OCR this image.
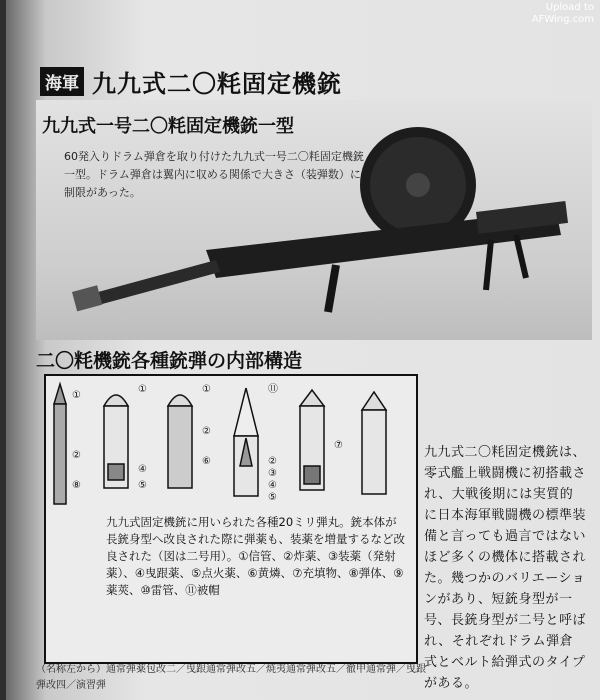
海軍 九九式二〇粍固定機銃
九九式一号二〇粍固定機銃一型
60発入りドラム弾倉を取り付けた九九式一号二〇粍固定機銃一型。ドラム弾倉は翼内に収める関係で大きさ（装弾数）に制限があった。
二〇粍機銃各種銃弾の内部構造
①
②
⑧
①
④
⑤
①
②
⑥
⑪
②
③
④
⑤
⑦
九九式固定機銃に用いられた各種20ミリ弾丸。銃本体が長銃身型へ改良された際に弾薬も、装薬を増量するなど改良された（図は二号用）。①信管、②炸薬、③装薬（発射薬）、④曳跟薬、⑤点火薬、⑥黄燐、⑦充填物、⑧弾体、⑨薬莢、⑩雷管、⑪被帽
（名称左から）通常弾薬包改二／曳跟通常弾改五／焼夷通常弾改五／徹甲通常弾／曳跟弾改四／演習弾
九九式二〇粍固定機銃は、零式艦上戦闘機に初搭載され、大戦後期には実質的に日本海軍戦闘機の標準装備と言っても過言ではないほど多くの機体に搭載された。幾つかのバリエーションがあり、短銃身型が一号、長銃身型が二号と呼ばれ、それぞれドラム弾倉式とベルト給弾式のタイプがある。
Upload to
AFWing.com
